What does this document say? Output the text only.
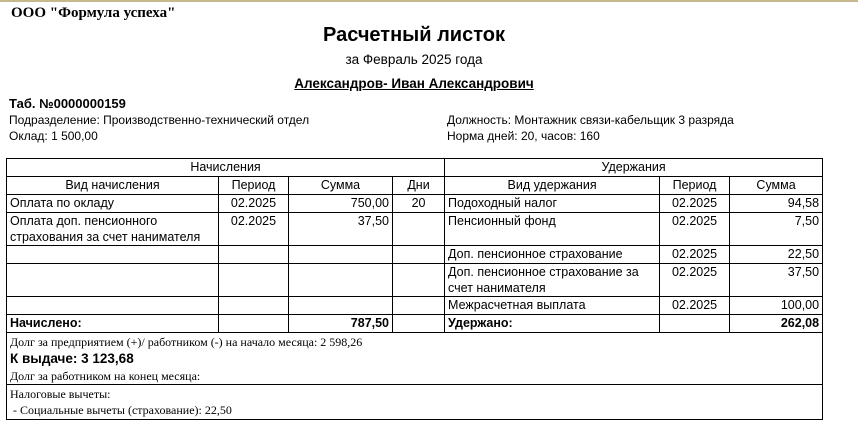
ООО "Формула успеха"
Расчетный листок
за Февраль 2025 года
Александров- Иван Александрович
Таб. №0000000159
Подразделение: Производственно-технический отдел
Оклад: 1 500,00
Должность: Монтажник связи-кабельщик 3 разряда
Норма дней: 20, часов: 160
Начисления				Удержания		
Вид начисления	Период	Сумма	Дни	Вид удержания	Период	Сумма
Оплата по окладу	02.2025	750,00	20	Подоходный налог	02.2025	94,58
Оплата доп. пенсионного страхования за счет нанимателя	02.2025	37,50		Пенсионный фонд	02.2025	7,50
				Доп. пенсионное страхование	02.2025	22,50
				Доп. пенсионное страхование за счет нанимателя	02.2025	37,50
				Межрасчетная выплата	02.2025	100,00
Начислено:		787,50		Удержано:		262,08

Долг за предприятием (+)/ работником (-) на начало месяца: 2 598,26
К выдаче: 3 123,68
Долг за работником на конец месяца:						

Налоговые вычеты:
- Социальные вычеты (страхование): 22,50						
